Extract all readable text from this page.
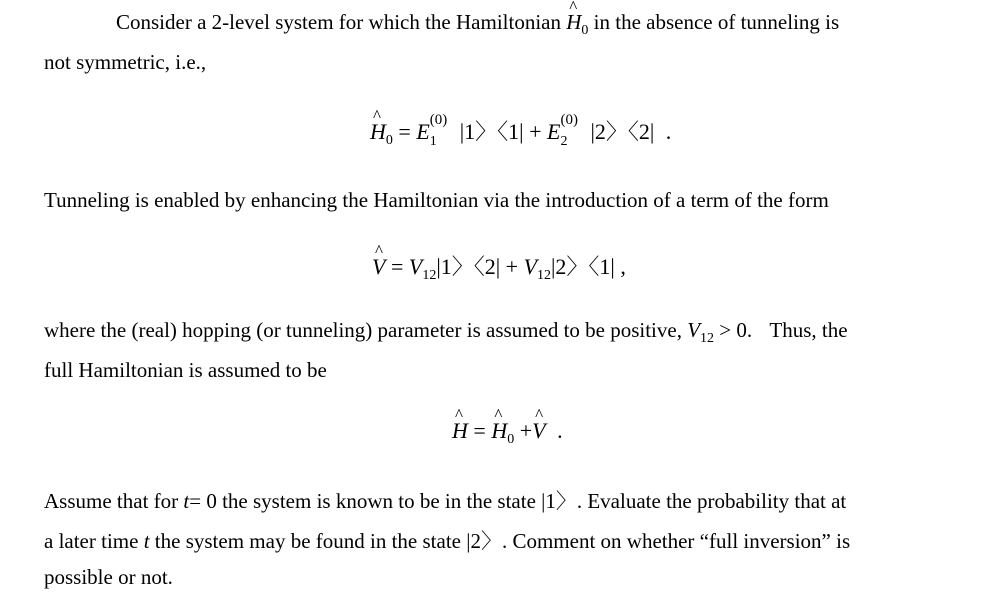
Consider a 2-level system for which the Hamiltonian ^ $H_0$ in the absence of tunneling is
not symmetric, i.e.,
^ $H_0 = E$ (0)
1 |1〉〈1| + E (0)
2 |2〉〈2| .
Tunneling is enabled by enhancing the Hamiltonian via the introduction of a term of the form
^ $V = V_{12}|1$〉〈$2| + V_{12}|2$〉〈1| ,
where the (real) hopping (or tunneling) parameter is assumed to be positive, $V_{12} > 0$. Thus, the
full Hamiltonian is assumed to be
^ H = ^ $H_0$ +^ V .
Assume that for t= 0 the system is known to be in the state |1〉. Evaluate the probability that at
a later time t the system may be found in the state |2〉. Comment on whether “full inversion” is
possible or not.
